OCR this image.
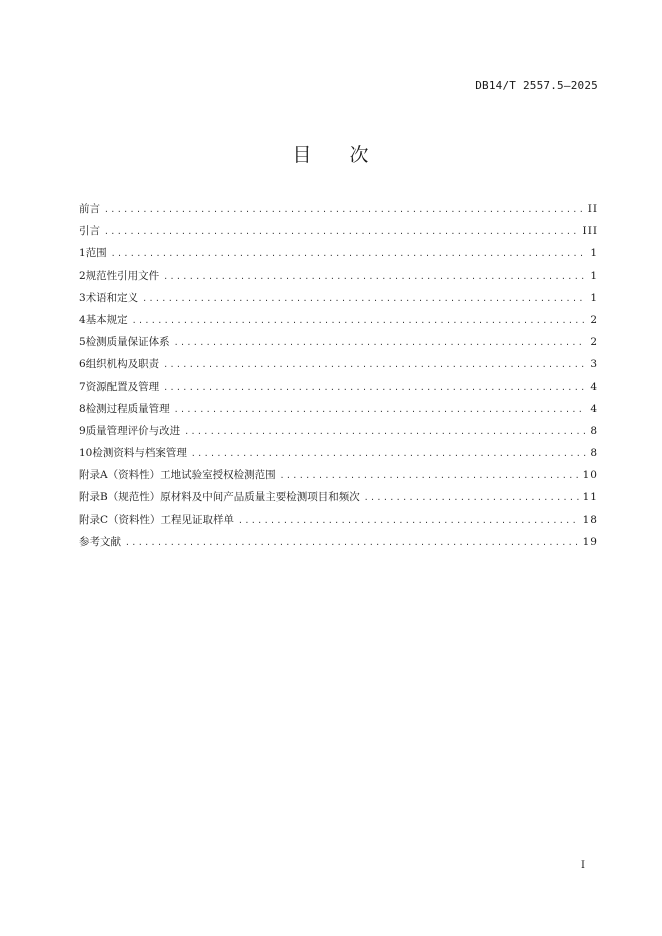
DB14/T 2557.5—2025
目 次
前言 .....	II
引言 .....	III
1 范围 .....	1
2 规范性引用文件 .....	1
3 术语和定义 .....	1
4 基本规定 .....	2
5 检测质量保证体系 .....	2
6 组织机构及职责 .....	3
7 资源配置及管理 .....	4
8 检测过程质量管理 .....	4
9 质量管理评价与改进 .....	8
10 检测资料与档案管理 .....	8
附录A（资料性） 工地试验室授权检测范围 .....	10
附录B（规范性） 原材料及中间产品质量主要检测项目和频次 .....	11
附录C（资料性） 工程见证取样单 .....	18
参考文献 .....	19
I
